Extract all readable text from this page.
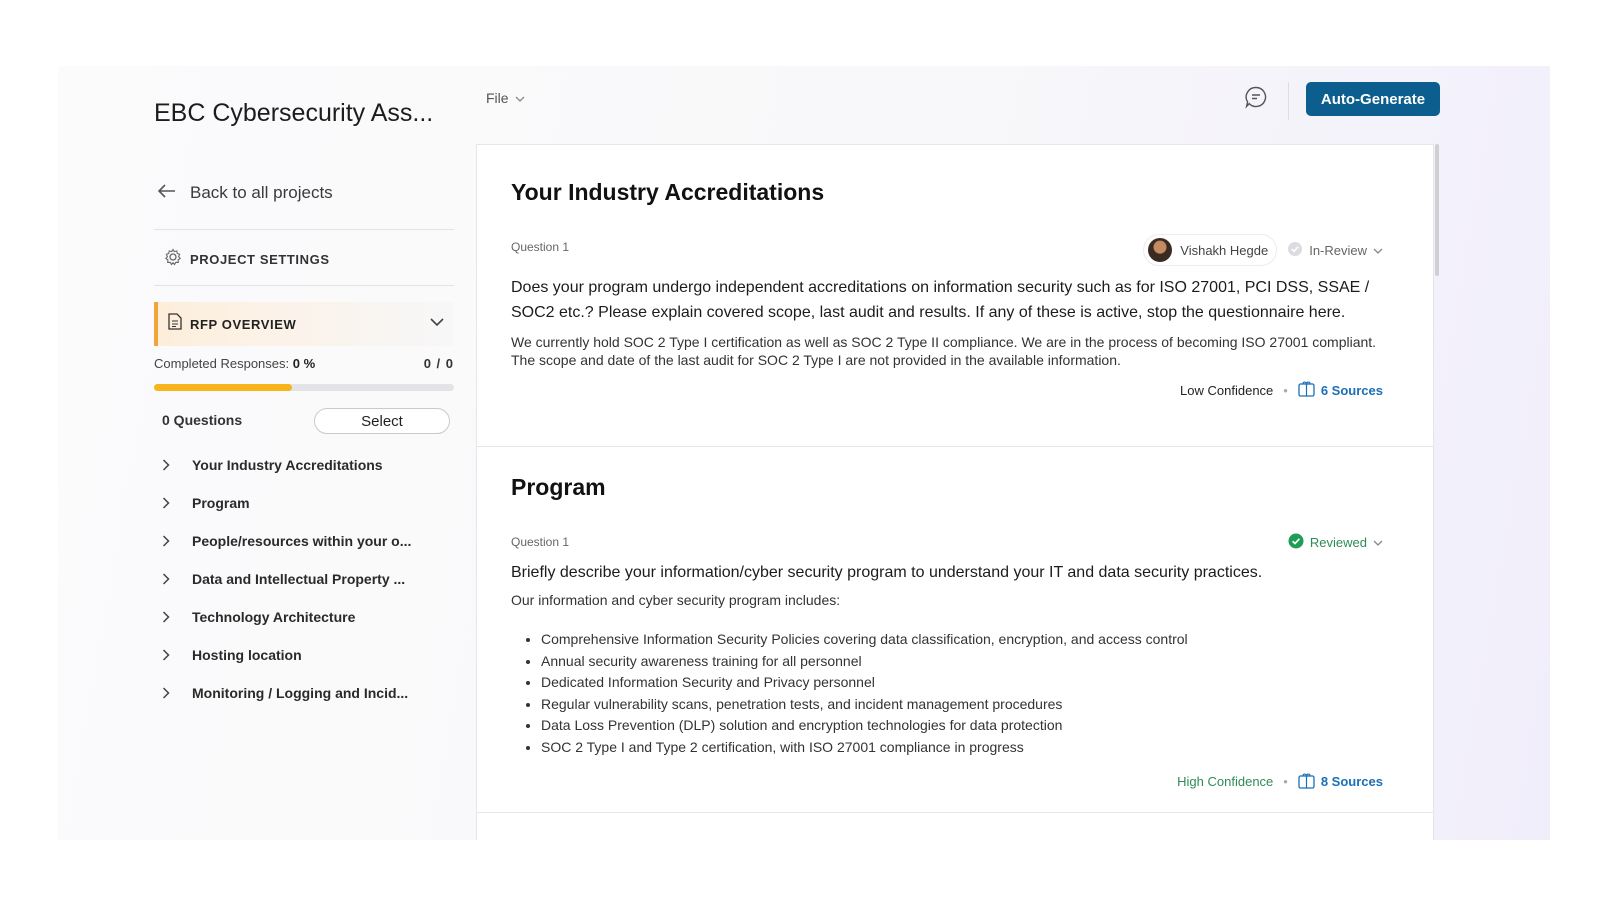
EBC Cybersecurity Ass...
Back to all projects
PROJECT SETTINGS
RFP OVERVIEW
Completed Responses: 0 %	0 / 0
0 Questions	Select
Your Industry Accreditations
Program
People/resources within your o...
Data and Intellectual Property ...
Technology Architecture
Hosting location
Monitoring / Logging and Incid...
File	Auto-Generate
Your Industry Accreditations
Question 1	Vishakh Hegde	In-Review
Does your program undergo independent accreditations on information security such as for ISO 27001, PCI DSS, SSAE / SOC2 etc.? Please explain covered scope, last audit and results. If any of these is active, stop the questionnaire here.
We currently hold SOC 2 Type I certification as well as SOC 2 Type II compliance. We are in the process of becoming ISO 27001 compliant. The scope and date of the last audit for SOC 2 Type I are not provided in the available information.
Low Confidence •	6 Sources
Program
Question 1	Reviewed
Briefly describe your information/cyber security program to understand your IT and data security practices.
Our information and cyber security program includes:
• Comprehensive Information Security Policies covering data classification, encryption, and access control
• Annual security awareness training for all personnel
• Dedicated Information Security and Privacy personnel
• Regular vulnerability scans, penetration tests, and incident management procedures
• Data Loss Prevention (DLP) solution and encryption technologies for data protection
• SOC 2 Type I and Type 2 certification, with ISO 27001 compliance in progress
High Confidence •	8 Sources
